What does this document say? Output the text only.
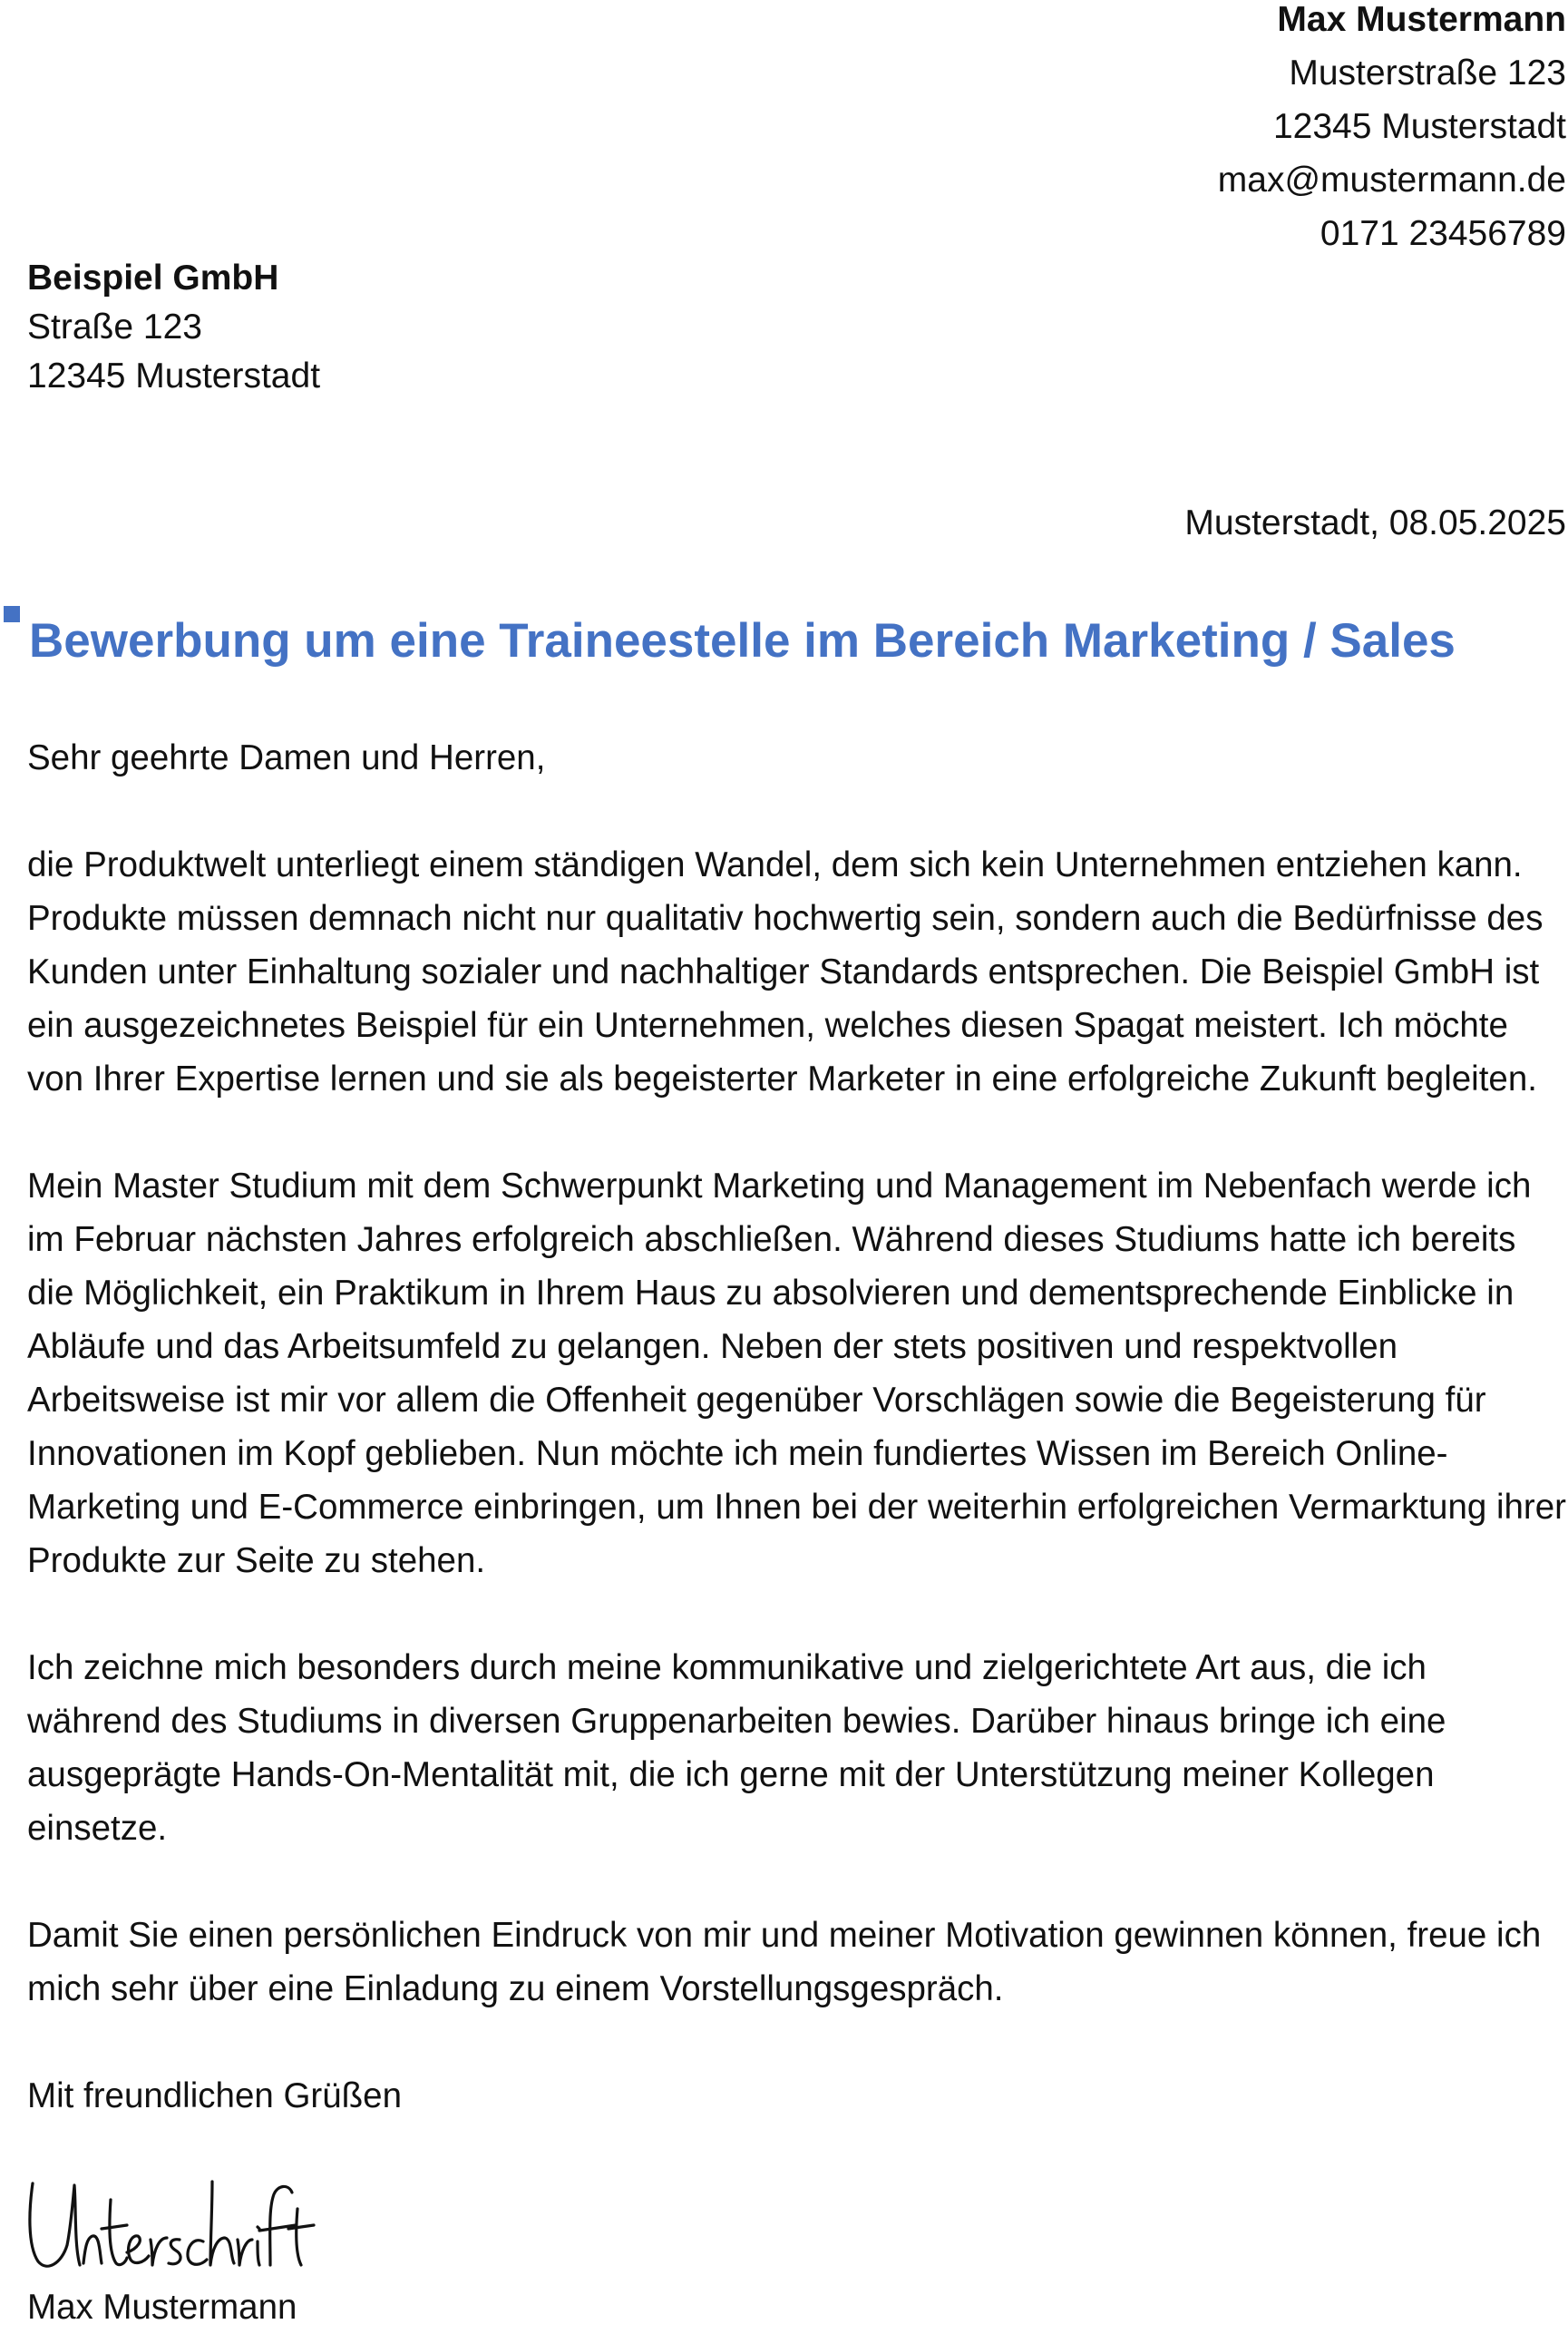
Max Mustermann
Musterstraße 123
12345 Musterstadt
max@mustermann.de
0171 23456789
Beispiel GmbH
Straße 123
12345 Musterstadt
Musterstadt, 08.05.2025
Bewerbung um eine Traineestelle im Bereich Marketing / Sales

Sehr geehrte Damen und Herren,

die Produktwelt unterliegt einem ständigen Wandel, dem sich kein Unternehmen entziehen kann. Produkte müssen demnach nicht nur qualitativ hochwertig sein, sondern auch die Bedürfnisse des Kunden unter Einhaltung sozialer und nachhaltiger Standards entsprechen. Die Beispiel GmbH ist ein ausgezeichnetes Beispiel für ein Unternehmen, welches diesen Spagat meistert. Ich möchte von Ihrer Expertise lernen und sie als begeisterter Marketer in eine erfolgreiche Zukunft begleiten.

Mein Master Studium mit dem Schwerpunkt Marketing und Management im Nebenfach werde ich im Februar nächsten Jahres erfolgreich abschließen. Während dieses Studiums hatte ich bereits die Möglichkeit, ein Praktikum in Ihrem Haus zu absolvieren und dementsprechende Einblicke in Abläufe und das Arbeitsumfeld zu gelangen. Neben der stets positiven und respektvollen Arbeitsweise ist mir vor allem die Offenheit gegenüber Vorschlägen sowie die Begeisterung für Innovationen im Kopf geblieben. Nun möchte ich mein fundiertes Wissen im Bereich Online-Marketing und E-Commerce einbringen, um Ihnen bei der weiterhin erfolgreichen Vermarktung ihrer Produkte zur Seite zu stehen.

Ich zeichne mich besonders durch meine kommunikative und zielgerichtete Art aus, die ich während des Studiums in diversen Gruppenarbeiten bewies. Darüber hinaus bringe ich eine ausgeprägte Hands-On-Mentalität mit, die ich gerne mit der Unterstützung meiner Kollegen einsetze.

Damit Sie einen persönlichen Eindruck von mir und meiner Motivation gewinnen können, freue ich mich sehr über eine Einladung zu einem Vorstellungsgespräch.

Mit freundlichen Grüßen

Max Mustermann
